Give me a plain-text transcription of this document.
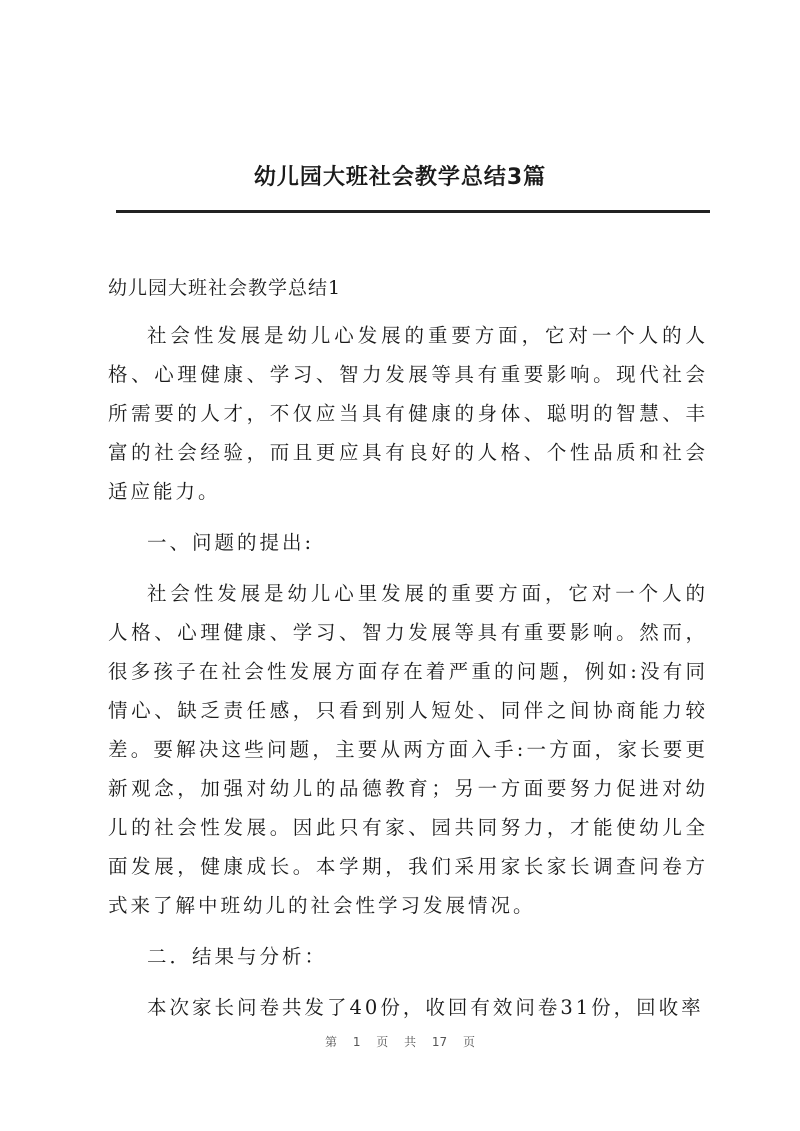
幼儿园大班社会教学总结3篇

幼儿园大班社会教学总结1

社会性发展是幼儿心发展的重要方面，它对一个人的人格、心理健康、学习、智力发展等具有重要影响。现代社会所需要的人才，不仅应当具有健康的身体、聪明的智慧、丰富的社会经验，而且更应具有良好的人格、个性品质和社会适应能力。

一、问题的提出:

社会性发展是幼儿心里发展的重要方面，它对一个人的人格、心理健康、学习、智力发展等具有重要影响。然而，很多孩子在社会性发展方面存在着严重的问题，例如:没有同情心、缺乏责任感，只看到别人短处、同伴之间协商能力较差。要解决这些问题，主要从两方面入手:一方面，家长要更新观念，加强对幼儿的品德教育；另一方面要努力促进对幼儿的社会性发展。因此只有家、园共同努力，才能使幼儿全面发展，健康成长。本学期，我们采用家长家长调查问卷方式来了解中班幼儿的社会性学习发展情况。

二．结果与分析：

本次家长问卷共发了40份，收回有效问卷31份，回收率

第 1 页 共 17 页
